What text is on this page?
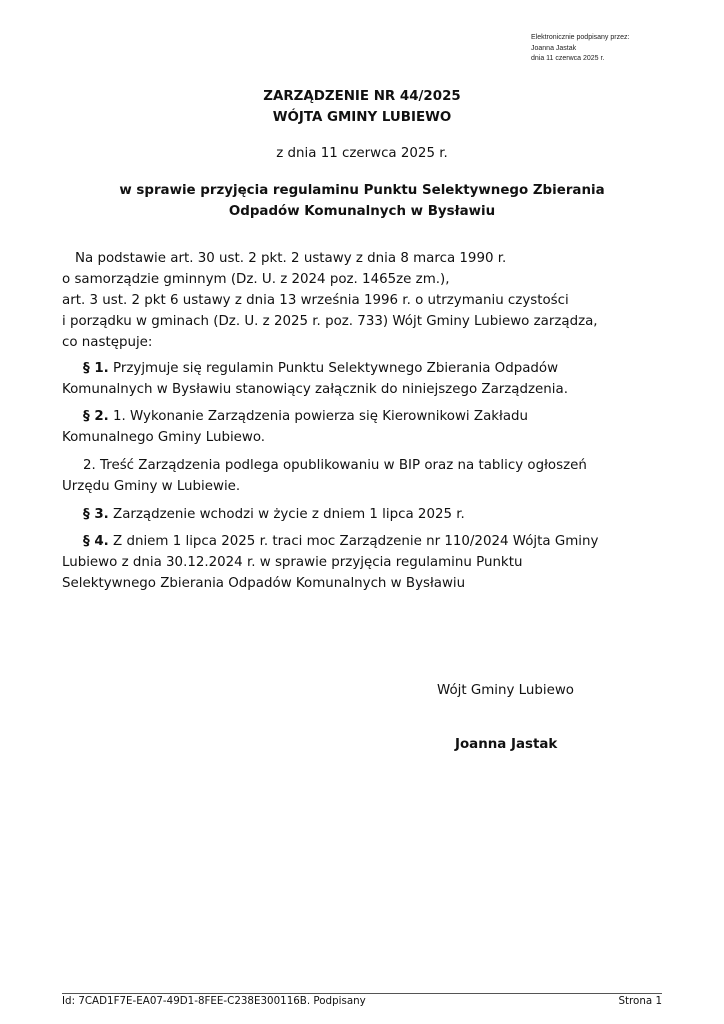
Elektronicznie podpisany przez:
Joanna Jastak
dnia 11 czerwca 2025 r.
ZARZĄDZENIE NR 44/2025
WÓJTA GMINY LUBIEWO
z dnia 11 czerwca 2025 r.
w sprawie przyjęcia regulaminu Punktu Selektywnego Zbierania
Odpadów Komunalnych w Bysławiu
Na podstawie art. 30 ust. 2 pkt. 2 ustawy z dnia 8 marca 1990 r.
o samorządzie gminnym (Dz. U. z 2024 poz. 1465ze zm.),
art. 3 ust. 2 pkt 6 ustawy z dnia 13 września 1996 r. o utrzymaniu czystości
i porządku w gminach (Dz. U. z 2025 r. poz. 733) Wójt Gminy Lubiewo zarządza,
co następuje:
§ 1. Przyjmuje się regulamin Punktu Selektywnego Zbierania Odpadów
Komunalnych w Bysławiu stanowiący załącznik do niniejszego Zarządzenia.
§ 2. 1. Wykonanie Zarządzenia powierza się Kierownikowi Zakładu
Komunalnego Gminy Lubiewo.
2. Treść Zarządzenia podlega opublikowaniu w BIP oraz na tablicy ogłoszeń
Urzędu Gminy w Lubiewie.
§ 3. Zarządzenie wchodzi w życie z dniem 1 lipca 2025 r.
§ 4. Z dniem 1 lipca 2025 r. traci moc Zarządzenie nr 110/2024 Wójta Gminy
Lubiewo z dnia 30.12.2024 r. w sprawie przyjęcia regulaminu Punktu
Selektywnego Zbierania Odpadów Komunalnych w Bysławiu
Wójt Gminy Lubiewo
Joanna Jastak
Id: 7CAD1F7E-EA07-49D1-8FEE-C238E300116B. Podpisany	Strona 1
